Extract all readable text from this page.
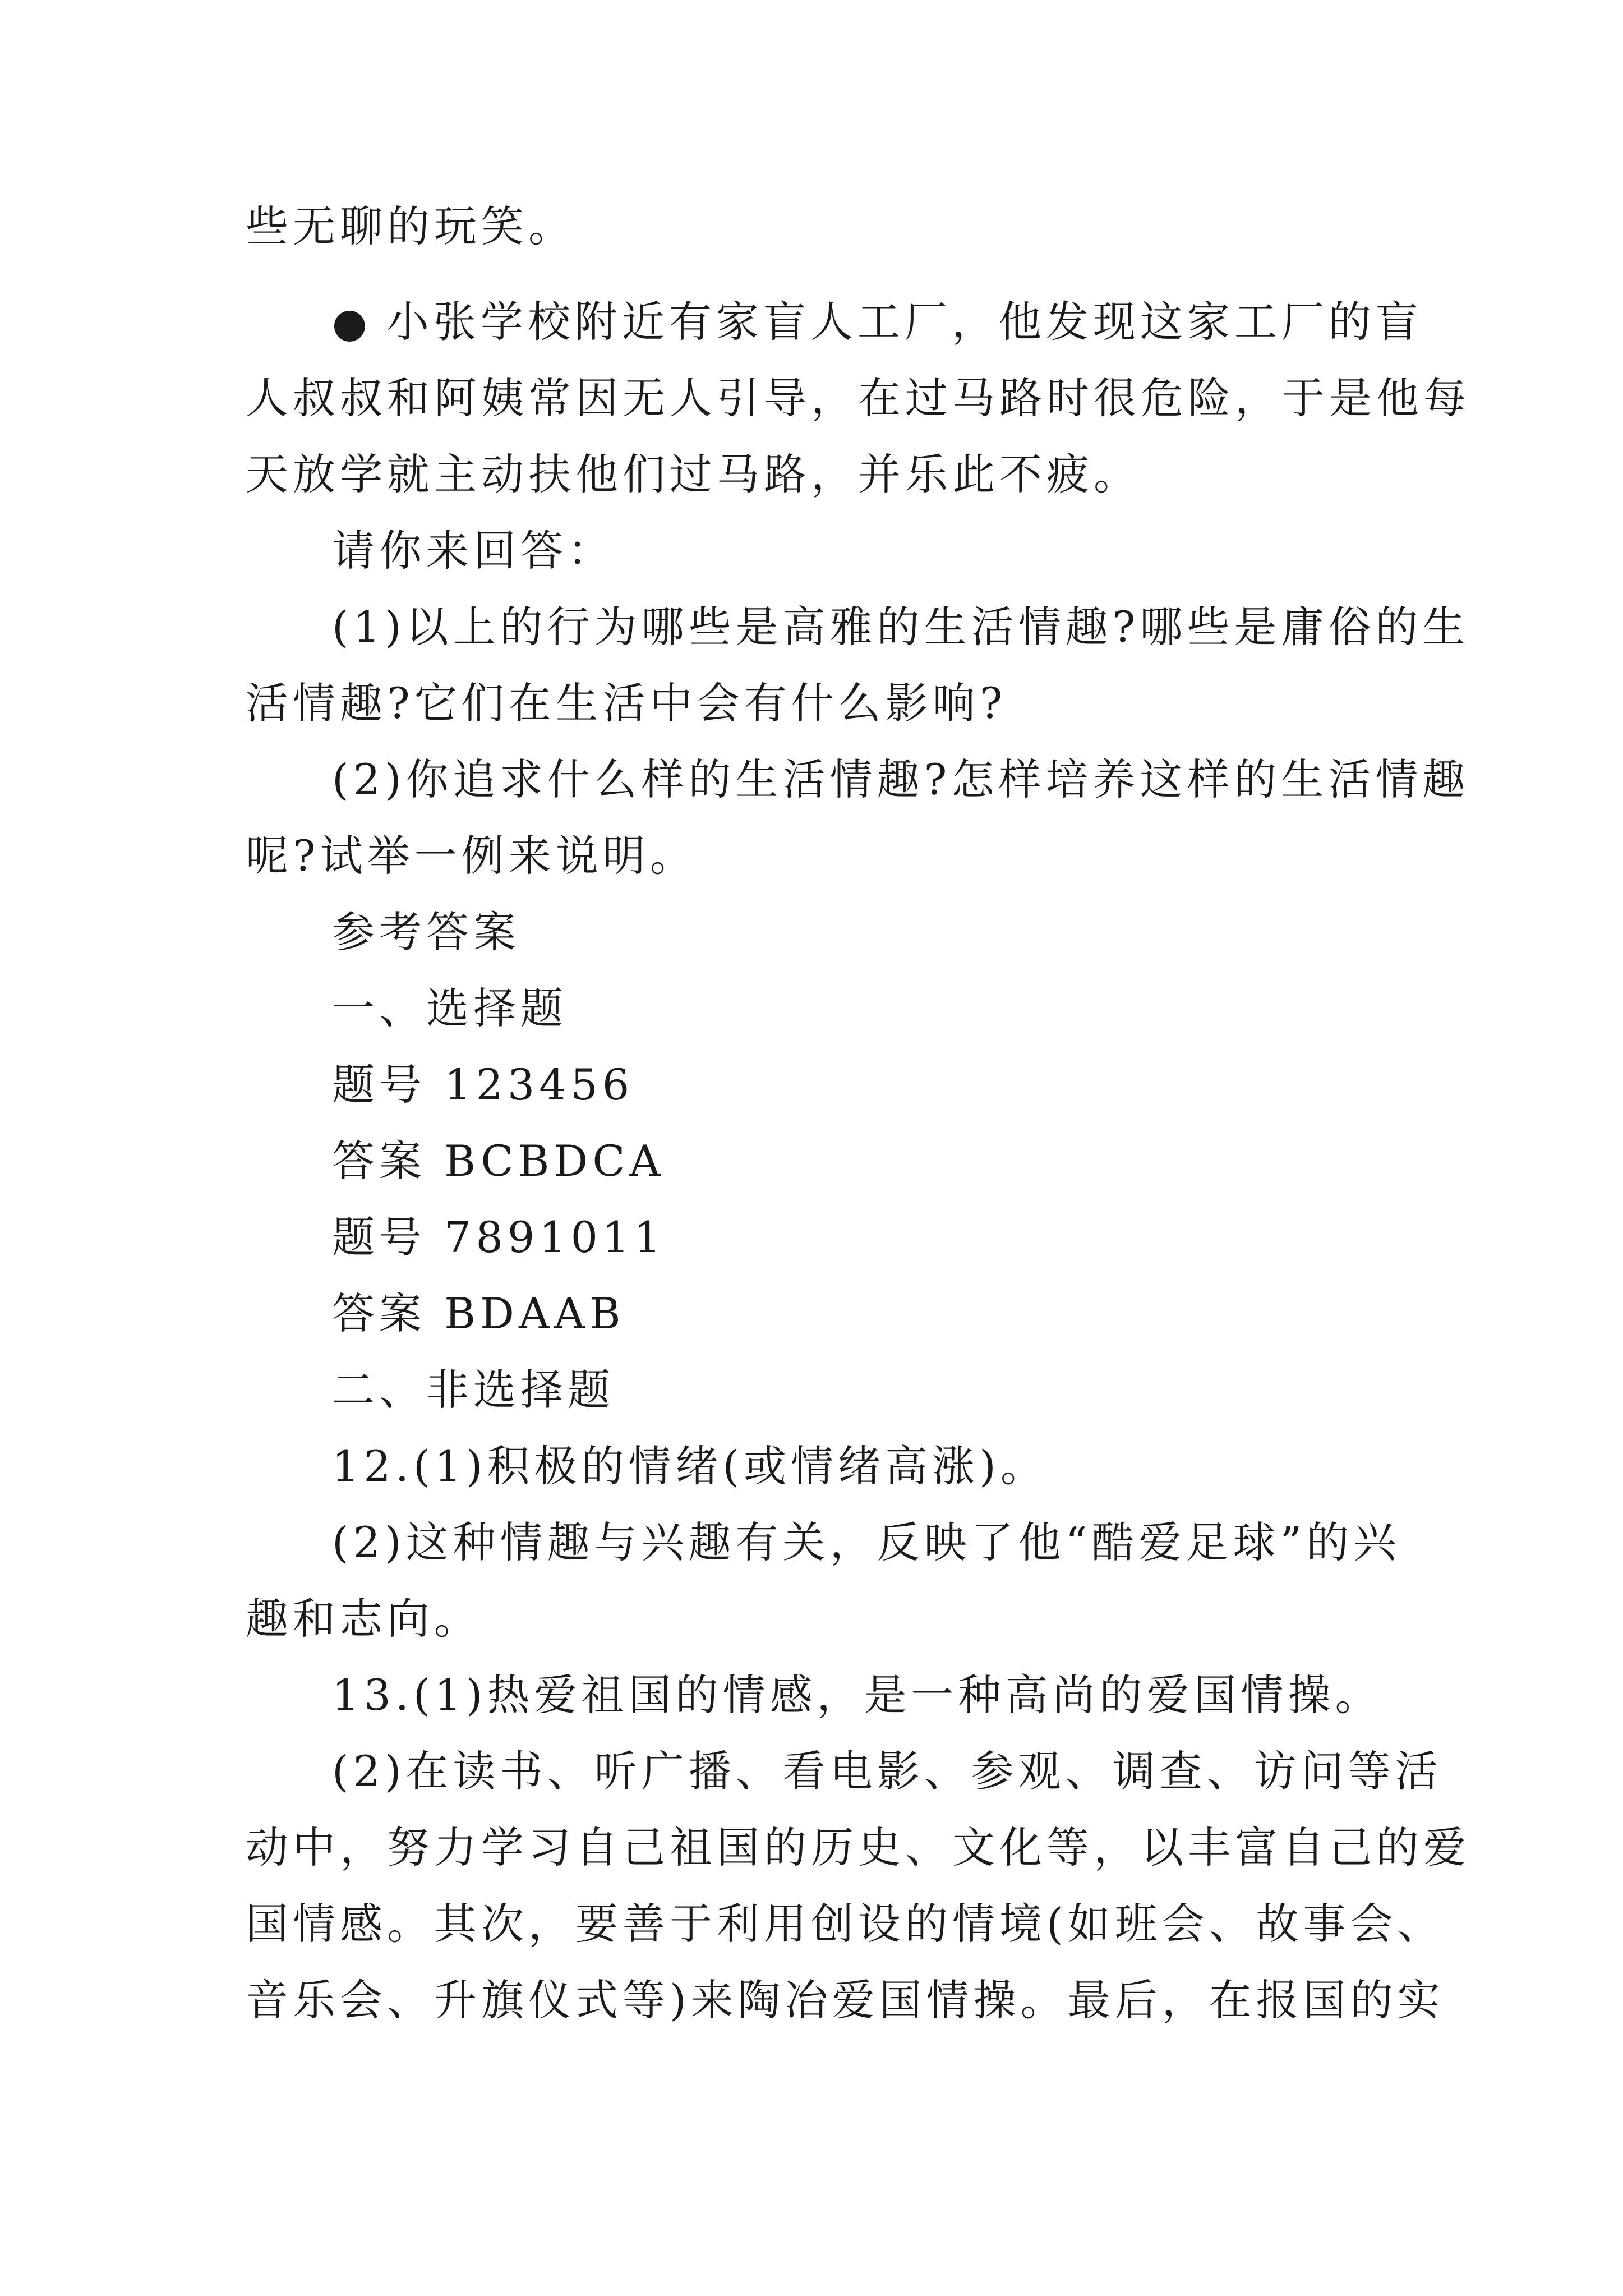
些无聊的玩笑。
● 小张学校附近有家盲人工厂，他发现这家工厂的盲
人叔叔和阿姨常因无人引导，在过马路时很危险，于是他每
天放学就主动扶他们过马路，并乐此不疲。
请你来回答：
(1)以上的行为哪些是高雅的生活情趣?哪些是庸俗的生
活情趣?它们在生活中会有什么影响?
(2)你追求什么样的生活情趣?怎样培养这样的生活情趣
呢?试举一例来说明。
参考答案
一、选择题
题号 123456
答案 BCBDCA
题号 7891011
答案 BDAAB
二、非选择题
12.(1)积极的情绪(或情绪高涨)。
(2)这种情趣与兴趣有关，反映了他“酷爱足球”的兴
趣和志向。
13.(1)热爱祖国的情感，是一种高尚的爱国情操。
(2)在读书、听广播、看电影、参观、调查、访问等活
动中，努力学习自己祖国的历史、文化等，以丰富自己的爱
国情感。其次，要善于利用创设的情境(如班会、故事会、
音乐会、升旗仪式等)来陶冶爱国情操。最后，在报国的实
